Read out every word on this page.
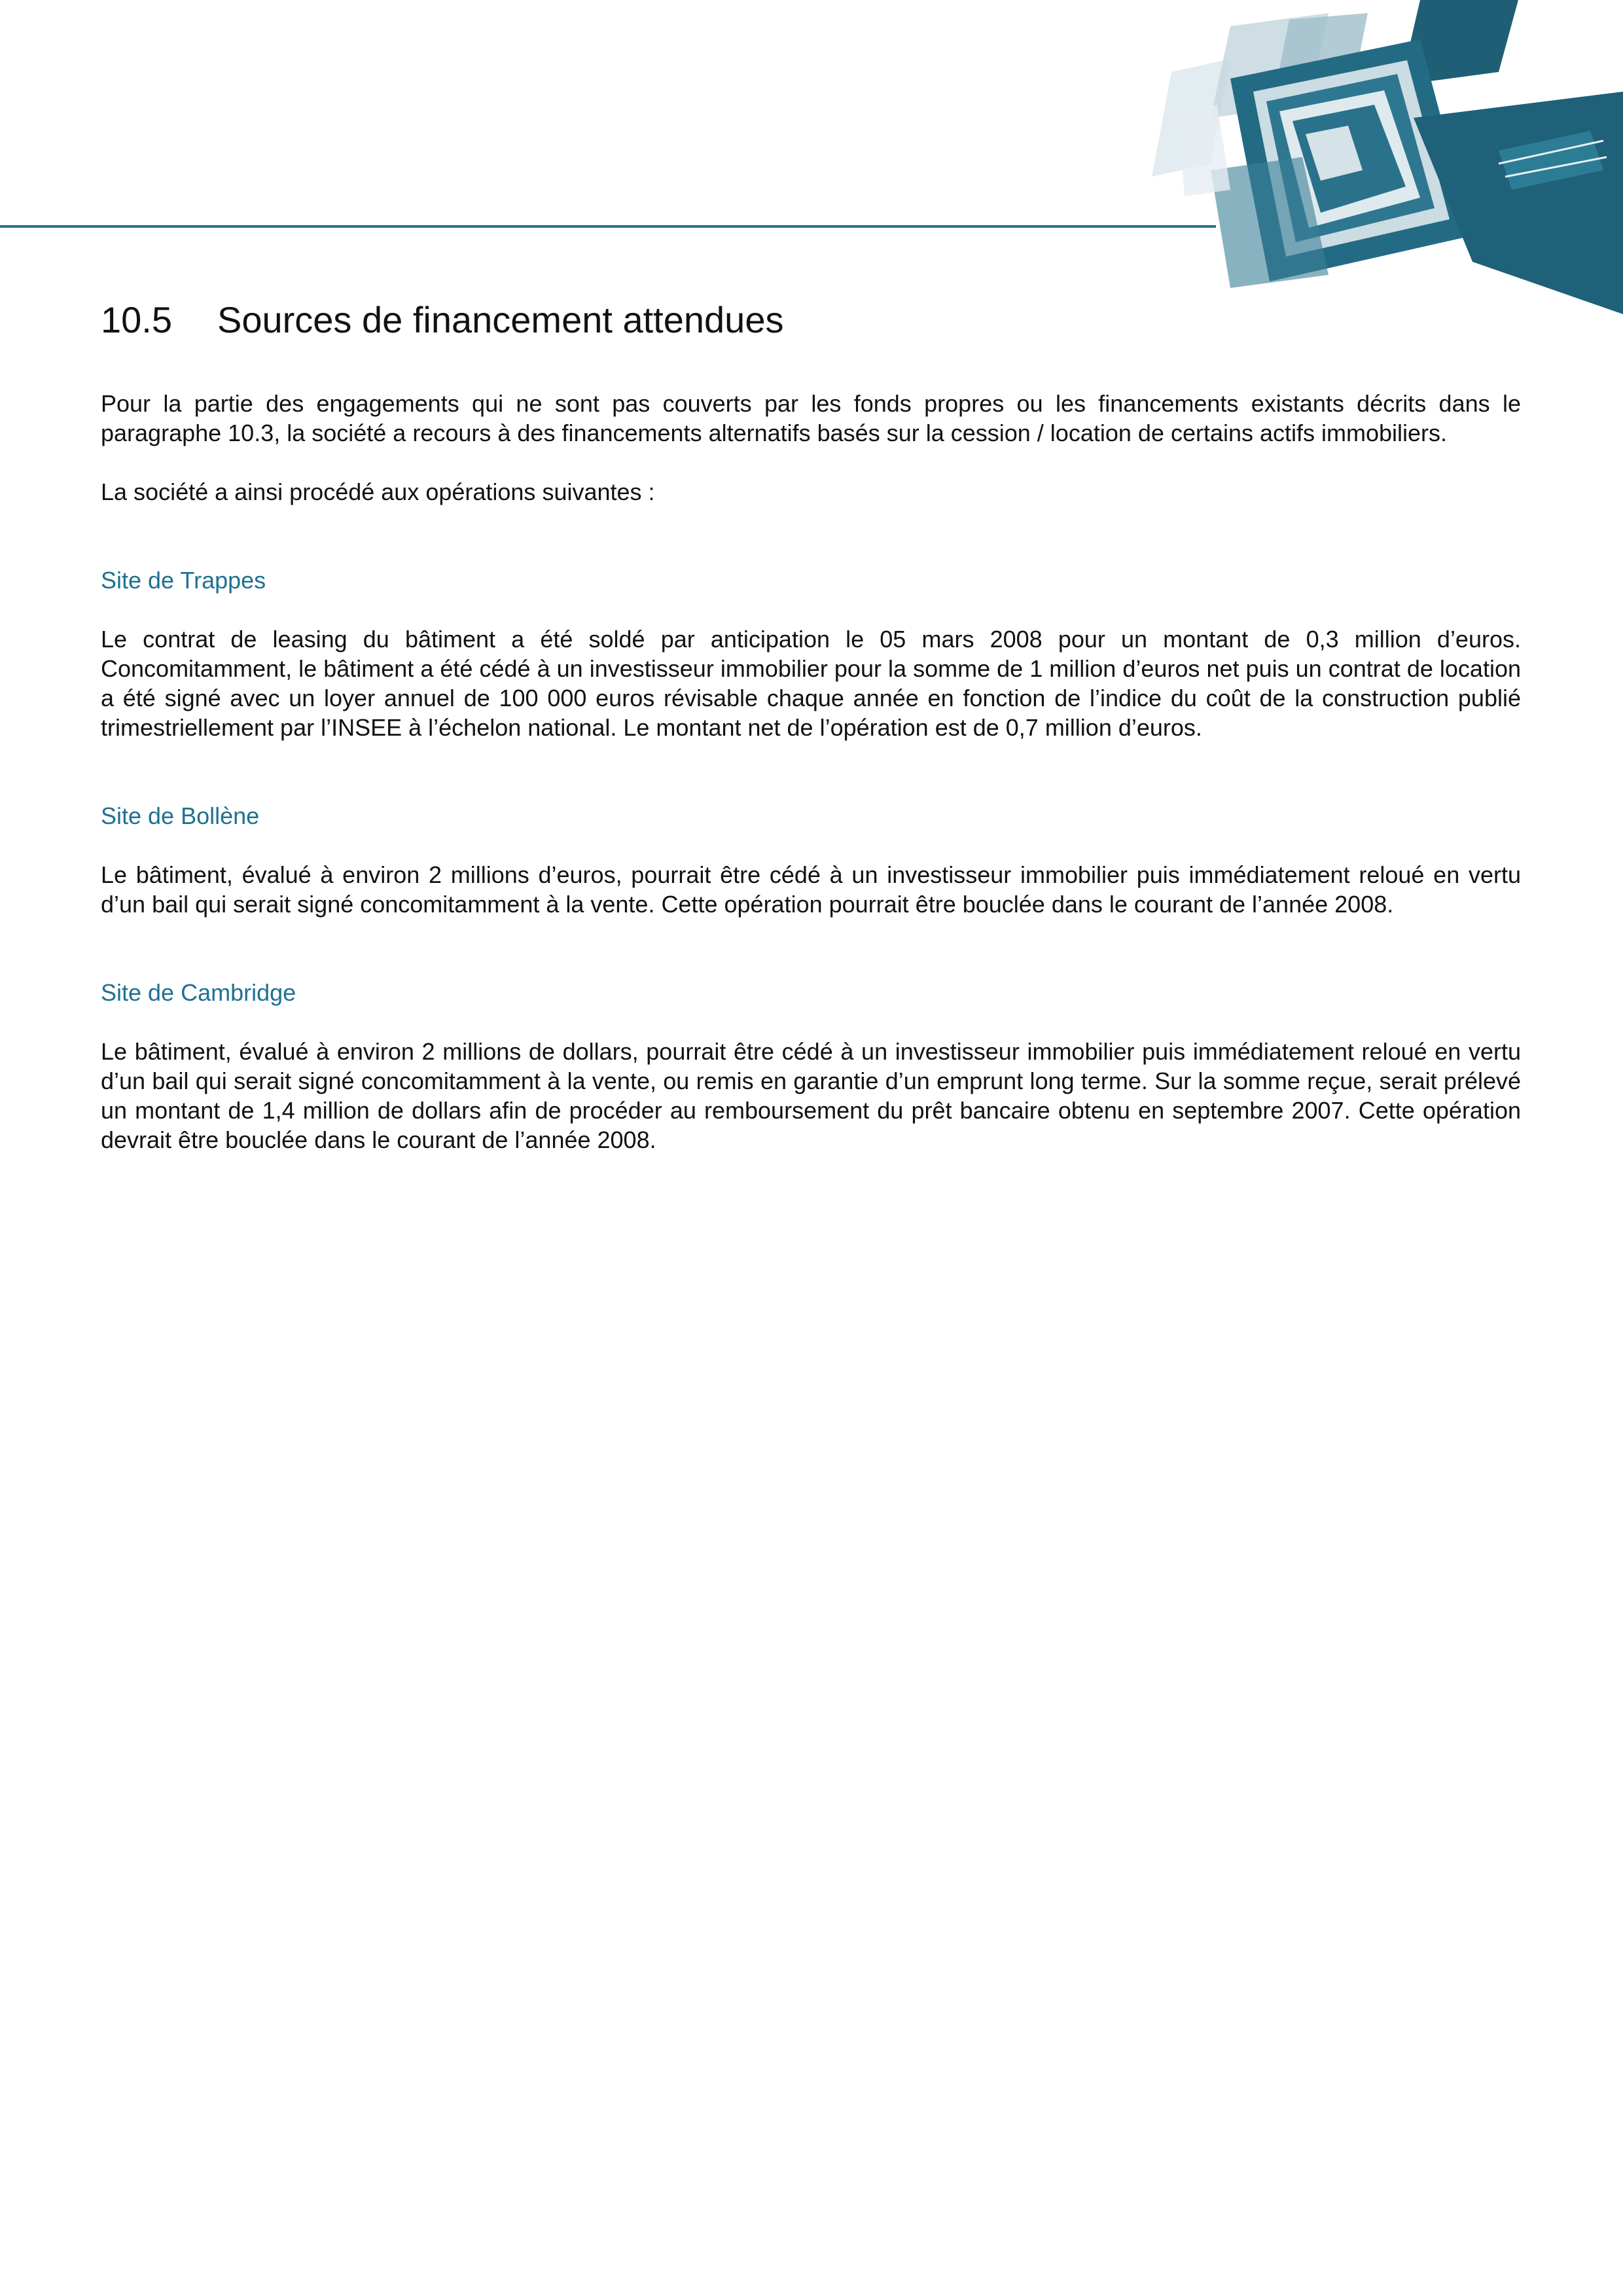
10.5	Sources de financement attendues

Pour la partie des engagements qui ne sont pas couverts par les fonds propres ou les financements existants décrits dans le paragraphe 10.3, la société a recours à des financements alternatifs basés sur la cession / location de certains actifs immobiliers.

La société a ainsi procédé aux opérations suivantes :

Site de Trappes

Le contrat de leasing du bâtiment a été soldé par anticipation le 05 mars 2008 pour un montant de 0,3 million d’euros. Concomitamment, le bâtiment a été cédé à un investisseur immobilier pour la somme de 1 million d’euros net puis un contrat de location a été signé avec un loyer annuel de 100 000 euros révisable chaque année en fonction de l’indice du coût de la construction publié trimestriellement par l’INSEE à l’échelon national. Le montant net de l’opération est de 0,7 million d’euros.

Site de Bollène

Le bâtiment, évalué à environ 2 millions d’euros, pourrait être cédé à un investisseur immobilier puis immédiatement reloué en vertu d’un bail qui serait signé concomitamment à la vente. Cette opération pourrait être bouclée dans le courant de l’année 2008.

Site de Cambridge

Le bâtiment, évalué à environ 2 millions de dollars, pourrait être cédé à un investisseur immobilier puis immédiatement reloué en vertu d’un bail qui serait signé concomitamment à la vente, ou remis en garantie d’un emprunt long terme. Sur la somme reçue, serait prélevé un montant de 1,4 million de dollars afin de procéder au remboursement du prêt bancaire obtenu en septembre 2007. Cette opération devrait être bouclée dans le courant de l’année 2008.
